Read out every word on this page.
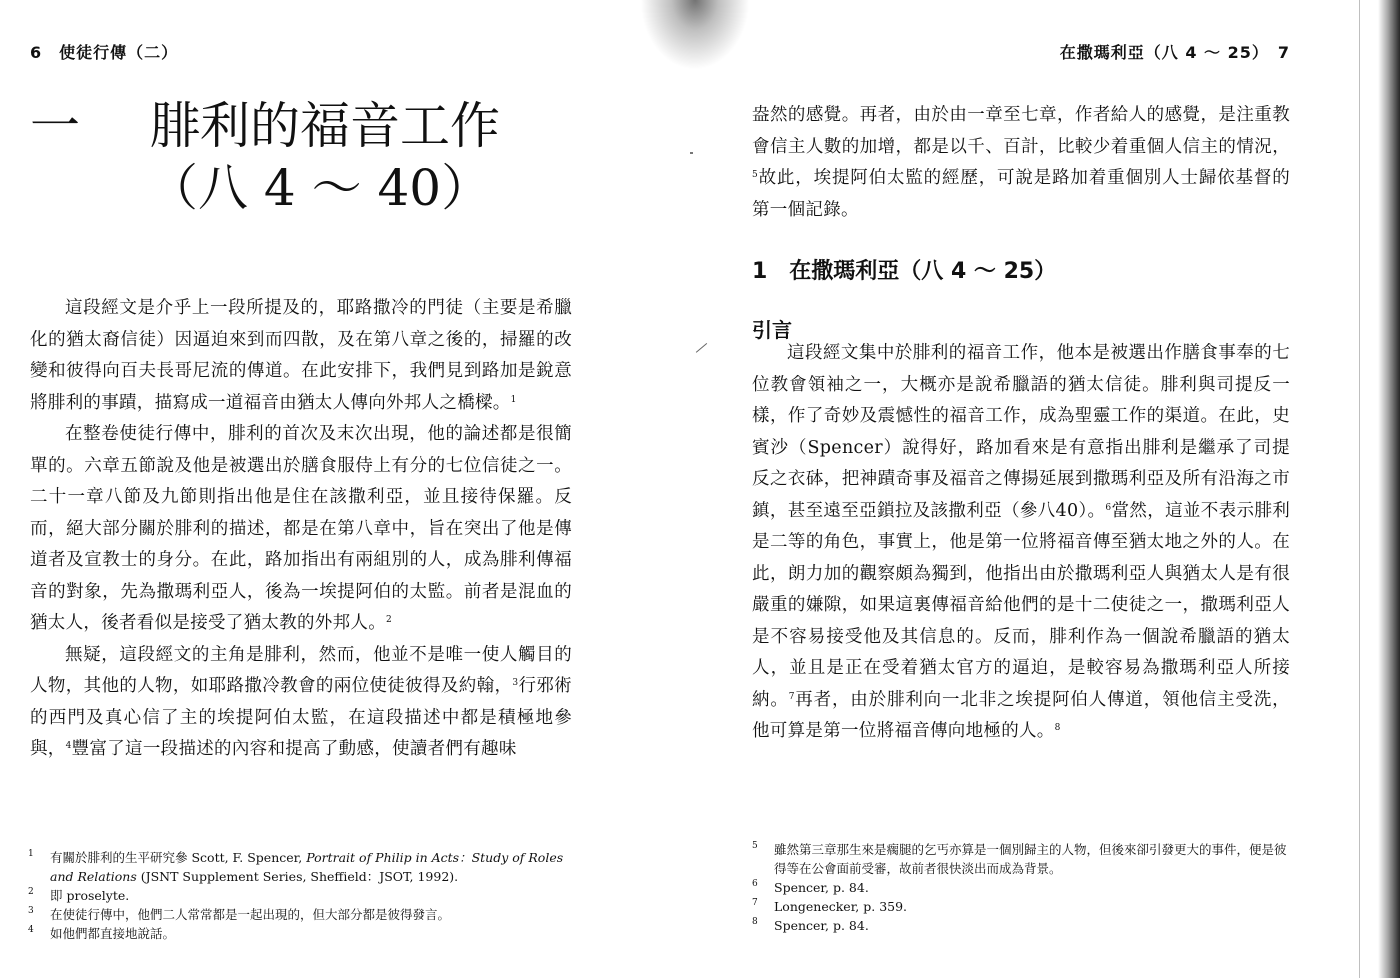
6　使徒行傳（二）
一 腓利的福音工作
（八 4 ～ 40）

這段經文是介乎上一段所提及的，耶路撒冷的門徒（主要是希臘化的猶太裔信徒）因逼迫來到而四散，及在第八章之後的，掃羅的改變和彼得向百夫長哥尼流的傳道。在此安排下，我們見到路加是銳意將腓利的事蹟，描寫成一道福音由猶太人傳向外邦人之橋樑。$^1$

在整卷使徒行傳中，腓利的首次及末次出現，他的論述都是很簡單的。六章五節說及他是被選出於膳食服侍上有分的七位信徒之一。二十一章八節及九節則指出他是住在該撒利亞，並且接待保羅。反而，絕大部分關於腓利的描述，都是在第八章中，旨在突出了他是傳道者及宣教士的身分。在此，路加指出有兩組別的人，成為腓利傳福音的對象，先為撒瑪利亞人，後為一埃提阿伯的太監。前者是混血的猶太人，後者看似是接受了猶太教的外邦人。$^2$

無疑，這段經文的主角是腓利，然而，他並不是唯一使人觸目的人物，其他的人物，如耶路撒冷教會的兩位使徒彼得及約翰，$^3$行邪術的西門及真心信了主的埃提阿伯太監，在這段描述中都是積極地參與，$^4$豐富了這一段描述的內容和提高了動感，使讀者們有趣味

1 有關於腓利的生平研究參 Scott, F. Spencer, Portrait of Philip in Acts：Study of Roles and Relations (JSNT Supplement Series, Sheffield：JSOT, 1992).
2 即 proselyte.
3 在使徒行傳中，他們二人常常都是一起出現的，但大部分都是彼得發言。
4 如他們都直接地說話。
在撒瑪利亞（八 4 ～ 25）　7

盎然的感覺。再者，由於由一章至七章，作者給人的感覺，是注重教會信主人數的加增，都是以千、百計，比較少着重個人信主的情況，$^5$故此，埃提阿伯太監的經歷，可說是路加着重個別人士歸依基督的第一個記錄。

1　在撒瑪利亞（八 4 ～ 25）
引言

這段經文集中於腓利的福音工作，他本是被選出作膳食事奉的七位教會領袖之一，大概亦是說希臘語的猶太信徒。腓利與司提反一樣，作了奇妙及震憾性的福音工作，成為聖靈工作的渠道。在此，史賓沙（Spencer）說得好，路加看來是有意指出腓利是繼承了司提反之衣砵，把神蹟奇事及福音之傳揚延展到撒瑪利亞及所有沿海之市鎮，甚至遠至亞鎖拉及該撒利亞（參八40）。$^6$當然，這並不表示腓利是二等的角色，事實上，他是第一位將福音傳至猶太地之外的人。在此，朗力加的觀察頗為獨到，他指出由於撒瑪利亞人與猶太人是有很嚴重的嫌隙，如果這裏傳福音給他們的是十二使徒之一，撒瑪利亞人是不容易接受他及其信息的。反而，腓利作為一個說希臘語的猶太人，並且是正在受着猶太官方的逼迫，是較容易為撒瑪利亞人所接納。$^7$再者，由於腓利向一北非之埃提阿伯人傳道，領他信主受洗，他可算是第一位將福音傳向地極的人。$^8$

5 雖然第三章那生來是瘸腿的乞丐亦算是一個別歸主的人物，但後來卻引發更大的事件，便是彼得等在公會面前受審，故前者很快淡出而成為背景。
6 Spencer, p. 84.
7 Longenecker, p. 359.
8 Spencer, p. 84.
